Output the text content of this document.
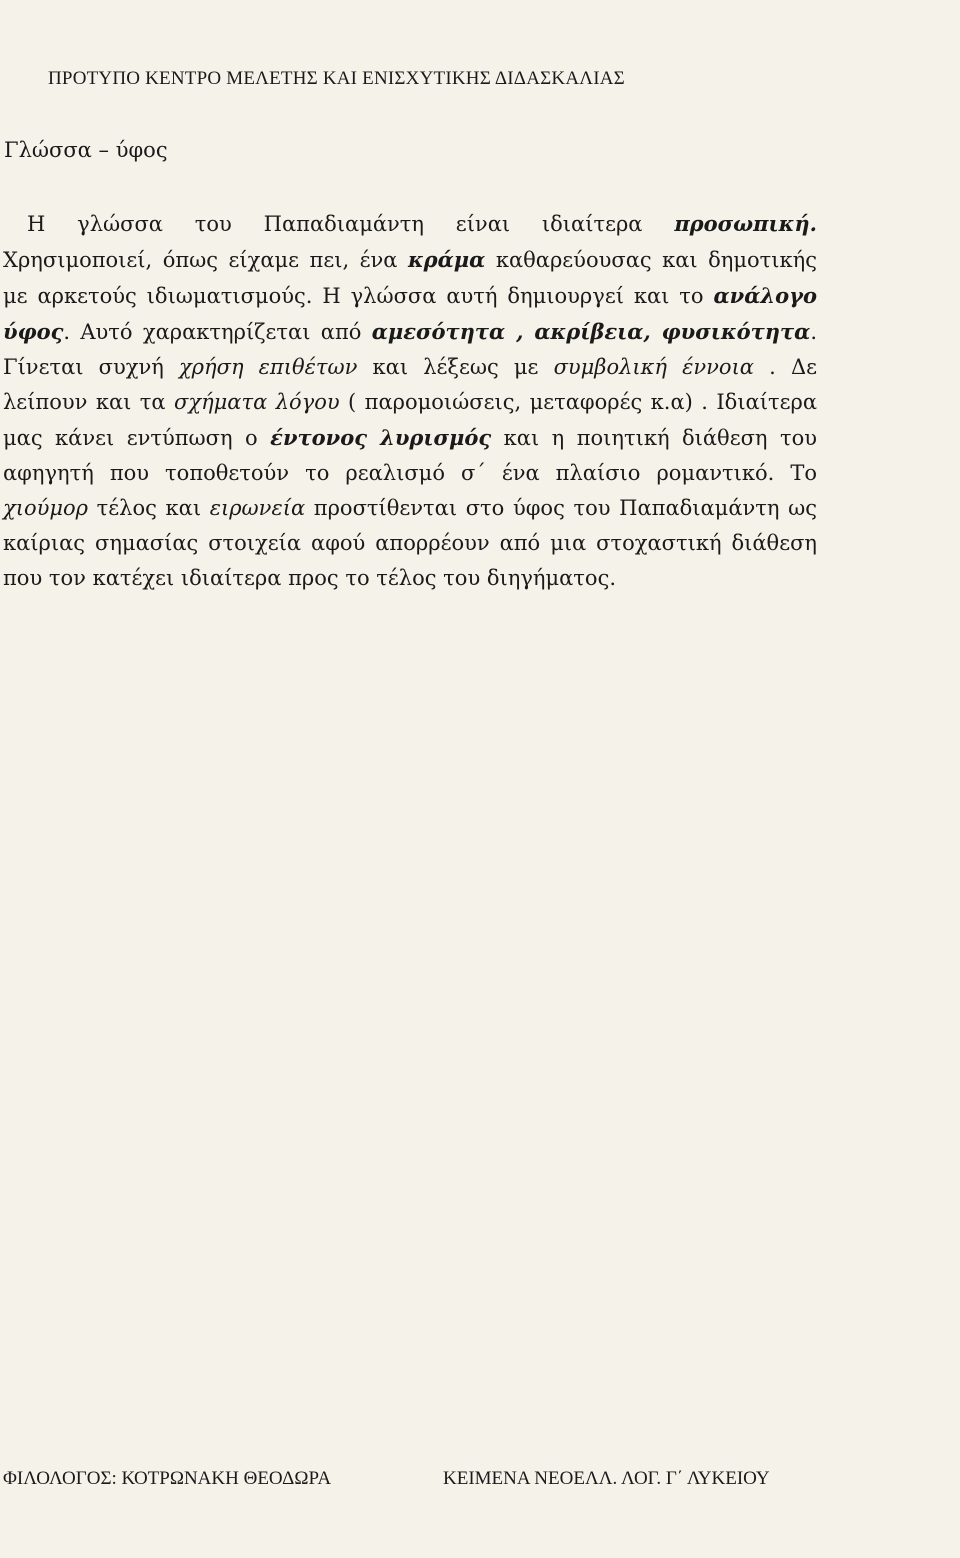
ΠΡΟΤΥΠΟ ΚΕΝΤΡΟ ΜΕΛΕΤΗΣ ΚΑΙ ΕΝΙΣΧΥΤΙΚΗΣ ΔΙΔΑΣΚΑΛΙΑΣ
Γλώσσα – ύφος

Η γλώσσα του Παπαδιαμάντη είναι ιδιαίτερα προσωπική. Χρησιμοποιεί, όπως είχαμε πει, ένα κράμα καθαρεύουσας και δημοτικής με αρκετούς ιδιωματισμούς. Η γλώσσα αυτή δημιουργεί και το ανάλογο ύφος. Αυτό χαρακτηρίζεται από αμεσότητα , ακρίβεια, φυσικότητα. Γίνεται συχνή χρήση επιθέτων και λέξεως με συμβολική έννοια . Δε λείπουν και τα σχήματα λόγου ( παρομοιώσεις, μεταφορές κ.α) . Ιδιαίτερα μας κάνει εντύπωση ο έντονος λυρισμός και η ποιητική διάθεση του αφηγητή που τοποθετούν το ρεαλισμό σ΄ ένα πλαίσιο ρομαντικό. Το χιούμορ τέλος και ειρωνεία προστίθενται στο ύφος του Παπαδιαμάντη ως καίριας σημασίας στοιχεία αφού απορρέουν από μια στοχαστική διάθεση που τον κατέχει ιδιαίτερα προς το τέλος του διηγήματος.

ΦΙΛΟΛΟΓΟΣ: ΚΟΤΡΩΝΑΚΗ ΘΕΟΔΩΡΑ	ΚΕΙΜΕΝΑ ΝΕΟΕΛΛ. ΛΟΓ. Γ΄ ΛΥΚΕΙΟΥ
